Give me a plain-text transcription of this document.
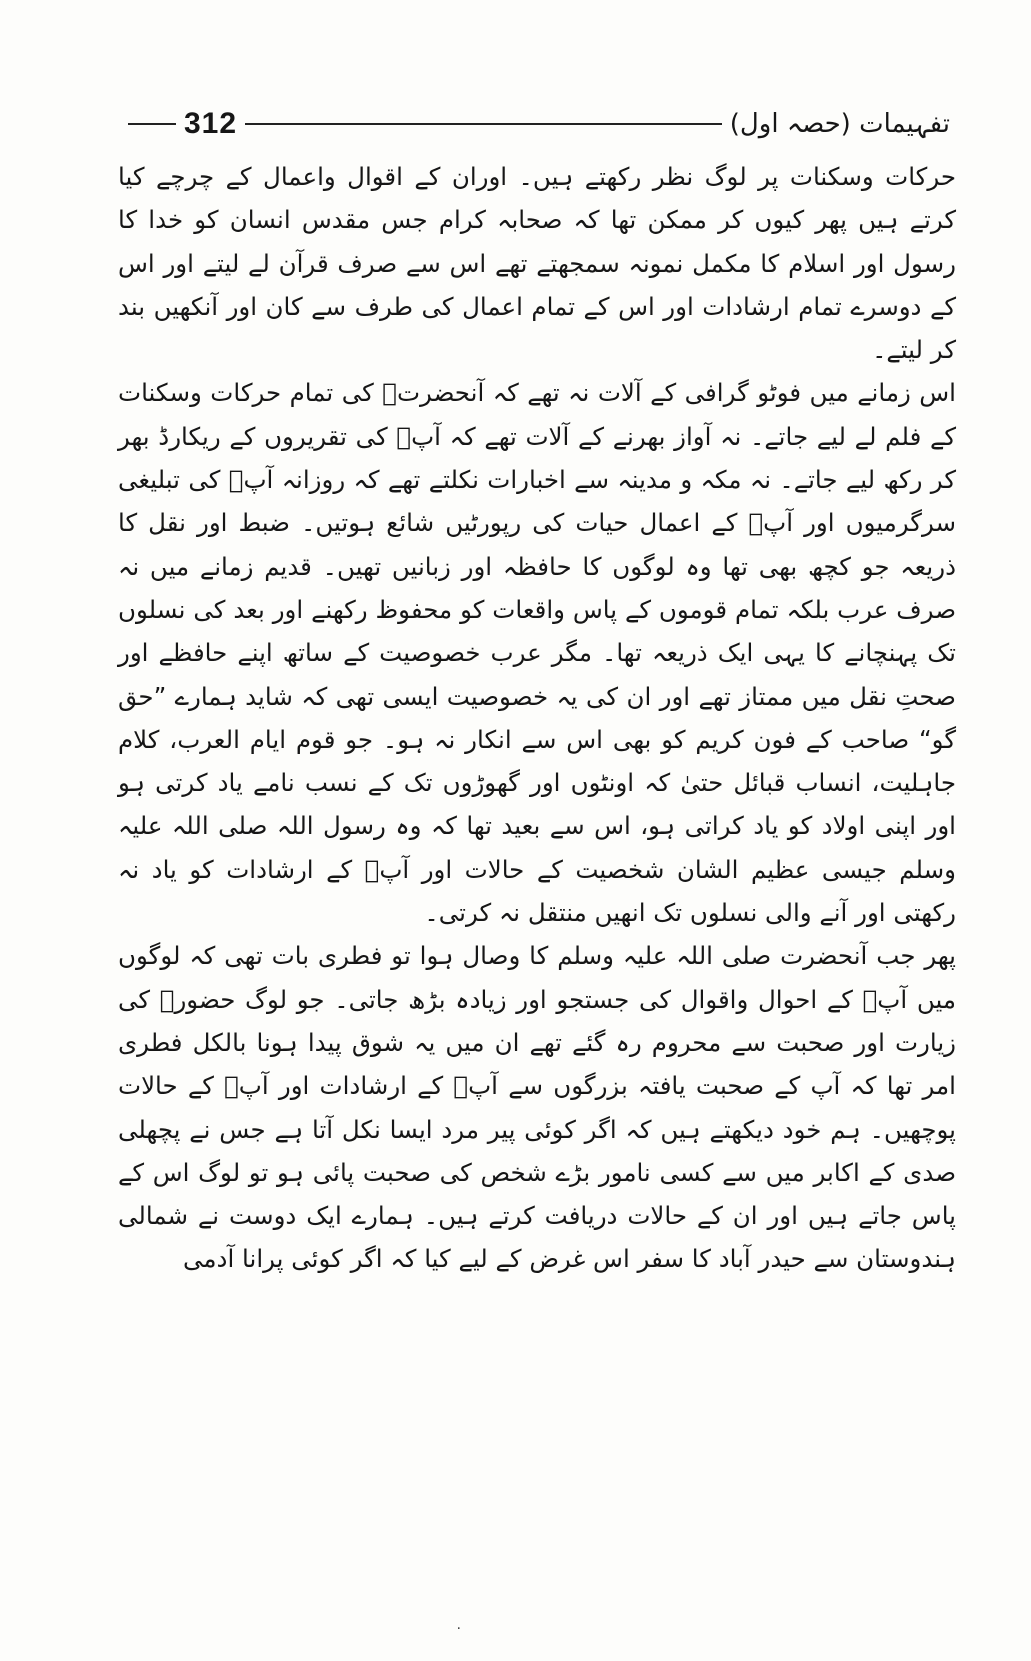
تفہیمات (حصہ اول)
312

حرکات وسکنات پر لوگ نظر رکھتے ہیں۔ اوران کے اقوال واعمال کے چرچے کیا کرتے ہیں پھر کیوں کر ممکن تھا کہ صحابہ کرام جس مقدس انسان کو خدا کا رسول اور اسلام کا مکمل نمونہ سمجھتے تھے اس سے صرف قرآن لے لیتے اور اس کے دوسرے تمام ارشادات اور اس کے تمام اعمال کی طرف سے کان اور آنکھیں بند کر لیتے۔

اس زمانے میں فوٹو گرافی کے آلات نہ تھے کہ آنحضرتؐ کی تمام حرکات وسکنات کے فلم لے لیے جاتے۔ نہ آواز بھرنے کے آلات تھے کہ آپؐ کی تقریروں کے ریکارڈ بھر کر رکھ لیے جاتے۔ نہ مکہ و مدینہ سے اخبارات نکلتے تھے کہ روزانہ آپؐ کی تبلیغی سرگرمیوں اور آپؐ کے اعمال حیات کی رپورٹیں شائع ہوتیں۔ ضبط اور نقل کا ذریعہ جو کچھ بھی تھا وہ لوگوں کا حافظہ اور زبانیں تھیں۔ قدیم زمانے میں نہ صرف عرب بلکہ تمام قوموں کے پاس واقعات کو محفوظ رکھنے اور بعد کی نسلوں تک پہنچانے کا یہی ایک ذریعہ تھا۔ مگر عرب خصوصیت کے ساتھ اپنے حافظے اور صحتِ نقل میں ممتاز تھے اور ان کی یہ خصوصیت ایسی تھی کہ شاید ہمارے ”حق گو“ صاحب کے فون کریم کو بھی اس سے انکار نہ ہو۔ جو قوم ایام العرب، کلام جاہلیت، انساب قبائل حتیٰ کہ اونٹوں اور گھوڑوں تک کے نسب نامے یاد کرتی ہو اور اپنی اولاد کو یاد کراتی ہو، اس سے بعید تھا کہ وہ رسول اللہ صلی اللہ علیہ وسلم جیسی عظیم الشان شخصیت کے حالات اور آپؐ کے ارشادات کو یاد نہ رکھتی اور آنے والی نسلوں تک انھیں منتقل نہ کرتی۔

پھر جب آنحضرت صلی اللہ علیہ وسلم کا وصال ہوا تو فطری بات تھی کہ لوگوں میں آپؐ کے احوال واقوال کی جستجو اور زیادہ بڑھ جاتی۔ جو لوگ حضورؐ کی زیارت اور صحبت سے محروم رہ گئے تھے ان میں یہ شوق پیدا ہونا بالکل فطری امر تھا کہ آپ کے صحبت یافتہ بزرگوں سے آپؐ کے ارشادات اور آپؐ کے حالات پوچھیں۔ ہم خود دیکھتے ہیں کہ اگر کوئی پیر مرد ایسا نکل آتا ہے جس نے پچھلی صدی کے اکابر میں سے کسی نامور بڑے شخص کی صحبت پائی ہو تو لوگ اس کے پاس جاتے ہیں اور ان کے حالات دریافت کرتے ہیں۔ ہمارے ایک دوست نے شمالی ہندوستان سے حیدر آباد کا سفر اس غرض کے لیے کیا کہ اگر کوئی پرانا آدمی

٠
